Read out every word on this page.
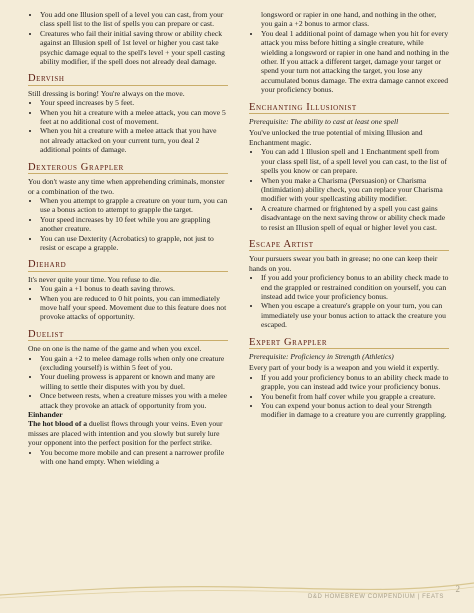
• You add one Illusion spell of a level you can cast, from your class spell list to the list of spells you can prepare or cast.
• Creatures who fail their initial saving throw or ability check against an Illusion spell of 1st level or higher you cast take psychic damage equal to the spell's level + your spell casting ability modifier, if the spell does not already deal damage.
Dervish

Still dressing is boring! You're always on the move.

• Your speed increases by 5 feet.
• When you hit a creature with a melee attack, you can move 5 feet at no additional cost of movement.
• When you hit a creature with a melee attack that you have not already attacked on your current turn, you deal 2 additional points of damage.
Dexterous Grappler

You don't waste any time when apprehending criminals, monster or a combination of the two.

• When you attempt to grapple a creature on your turn, you can use a bonus action to attempt to grapple the target.
• Your speed increases by 10 feet while you are grappling another creature.
• You can use Dexterity (Acrobatics) to grapple, not just to resist or escape a grapple.
Diehard

It's never quite your time. You refuse to die.

• You gain a +1 bonus to death saving throws.
• When you are reduced to 0 hit points, you can immediately move half your speed. Movement due to this feature does not provoke attacks of opportunity.
Duelist

One on one is the name of the game and when you excel.

• You gain a +2 to melee damage rolls when only one creature (excluding yourself) is within 5 feet of you.
• Your dueling prowess is apparent or known and many are willing to settle their disputes with you by duel.
• Once between rests, when a creature misses you with a melee attack they provoke an attack of opportunity from you.

Einhander

The hot blood of a duelist flows through your veins. Even your misses are placed with intention and you slowly but surely lure your opponent into the perfect position for the perfect strike.

• You become more mobile and can present a narrower profile with one hand empty. When wielding a

longsword or rapier in one hand, and nothing in the other, you gain a +2 bonus to armor class.

• You deal 1 additional point of damage when you hit for every attack you miss before hitting a single creature, while wielding a longsword or rapier in one hand and nothing in the other. If you attack a different target, damage your target or spend your turn not attacking the target, you lose any accumulated bonus damage. The extra damage cannot exceed your proficiency bonus.
Enchanting Illusionist

Prerequisite: The ability to cast at least one spell

You've unlocked the true potential of mixing Illusion and Enchantment magic.

• You can add 1 Illusion spell and 1 Enchantment spell from your class spell list, of a spell level you can cast, to the list of spells you know or can prepare.
• When you make a Charisma (Persuasion) or Charisma (Intimidation) ability check, you can replace your Charisma modifier with your spellcasting ability modifier.
• A creature charmed or frightened by a spell you cast gains disadvantage on the next saving throw or ability check made to resist an Illusion spell of equal or higher level you cast.
Escape Artist

Your pursuers swear you bath in grease; no one can keep their hands on you.

• If you add your proficiency bonus to an ability check made to end the grappled or restrained condition on yourself, you can instead add twice your proficiency bonus.
• When you escape a creature's grapple on your turn, you can immediately use your bonus action to attack the creature you escaped.
Expert Grappler

Prerequisite: Proficiency in Strength (Athletics)

Every part of your body is a weapon and you wield it expertly.

• If you add your proficiency bonus to an ability check made to grapple, you can instead add twice your proficiency bonus.
• You benefit from half cover while you grapple a creature.
• You can expend your bonus action to deal your Strength modifier in damage to a creature you are currently grappling.
D&D HOMEBREW COMPENDIUM | FEATS
2
